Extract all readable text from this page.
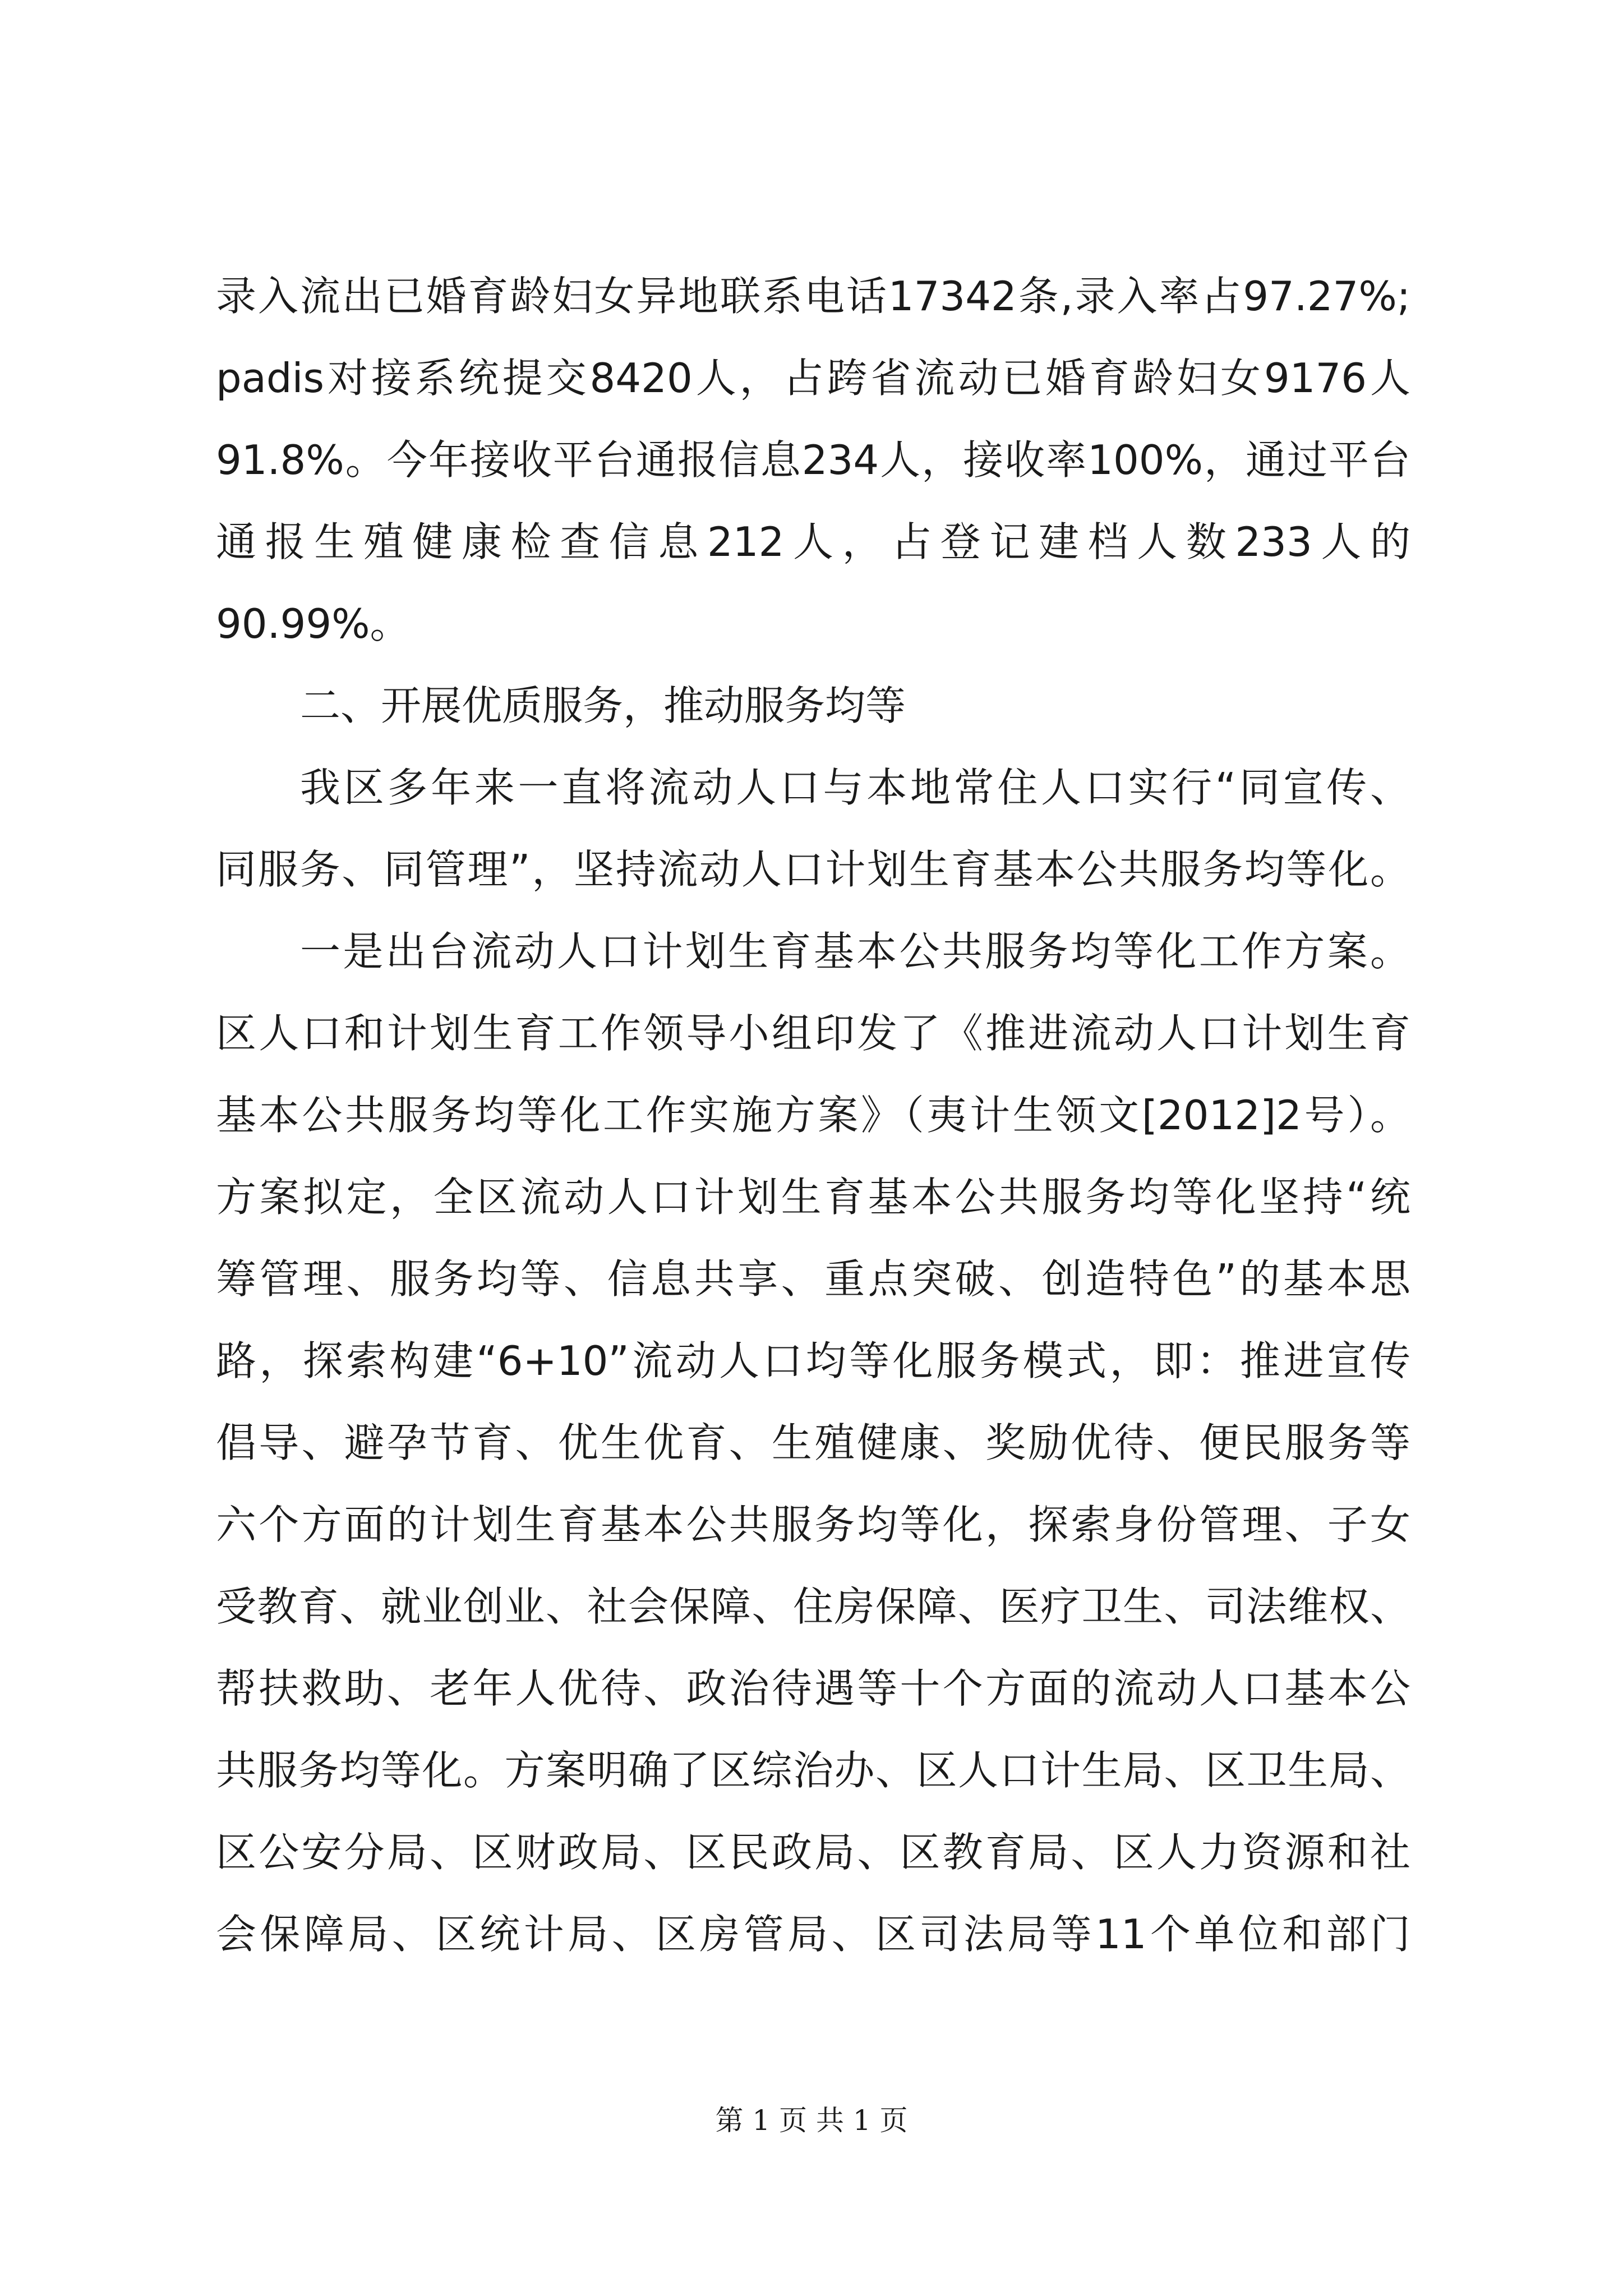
录入流出已婚育龄妇女异地联系电话17342条,录入率占97.27%;
padis对接系统提交8420人，占跨省流动已婚育龄妇女9176人
91.8%。今年接收平台通报信息234人，接收率100%，通过平台
通报生殖健康检查信息212人，占登记建档人数233人的
90.99%。
二、开展优质服务，推动服务均等
我区多年来一直将流动人口与本地常住人口实行“同宣传、
同服务、同管理”，坚持流动人口计划生育基本公共服务均等化。
一是出台流动人口计划生育基本公共服务均等化工作方案。
区人口和计划生育工作领导小组印发了《推进流动人口计划生育
基本公共服务均等化工作实施方案》（夷计生领文[2012]2号）。
方案拟定，全区流动人口计划生育基本公共服务均等化坚持“统
筹管理、服务均等、信息共享、重点突破、创造特色”的基本思
路，探索构建“6+10”流动人口均等化服务模式，即：推进宣传
倡导、避孕节育、优生优育、生殖健康、奖励优待、便民服务等
六个方面的计划生育基本公共服务均等化，探索身份管理、子女
受教育、就业创业、社会保障、住房保障、医疗卫生、司法维权、
帮扶救助、老年人优待、政治待遇等十个方面的流动人口基本公
共服务均等化。方案明确了区综治办、区人口计生局、区卫生局、
区公安分局、区财政局、区民政局、区教育局、区人力资源和社
会保障局、区统计局、区房管局、区司法局等11个单位和部门
第 1 页 共 1 页
